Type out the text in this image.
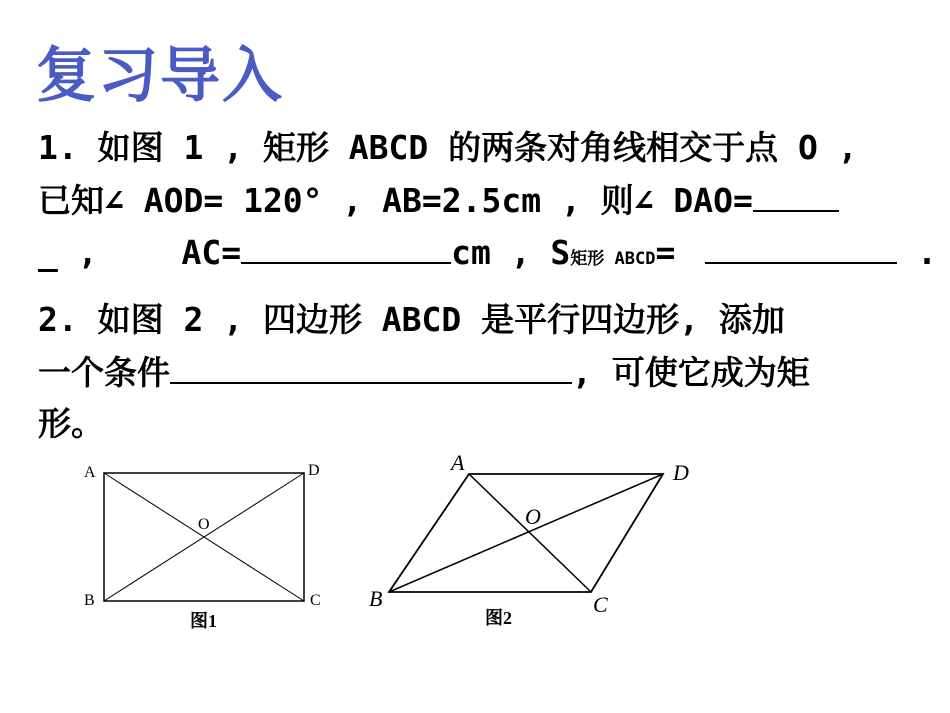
复习导入
1. 如图 1 , 矩形 ABCD 的两条对角线相交于点 O ,
已知∠ AOD= 120° , AB=2.5cm , 则∠ DAO=
_ ,	AC=	cm , S矩形 ABCD=	.
2. 如图 2 , 四边形 ABCD 是平行四边形, 添加
一个条件	, 可使它成为矩
形。
A	D
B	C
O
图1
A	D
B	C
O
图2
